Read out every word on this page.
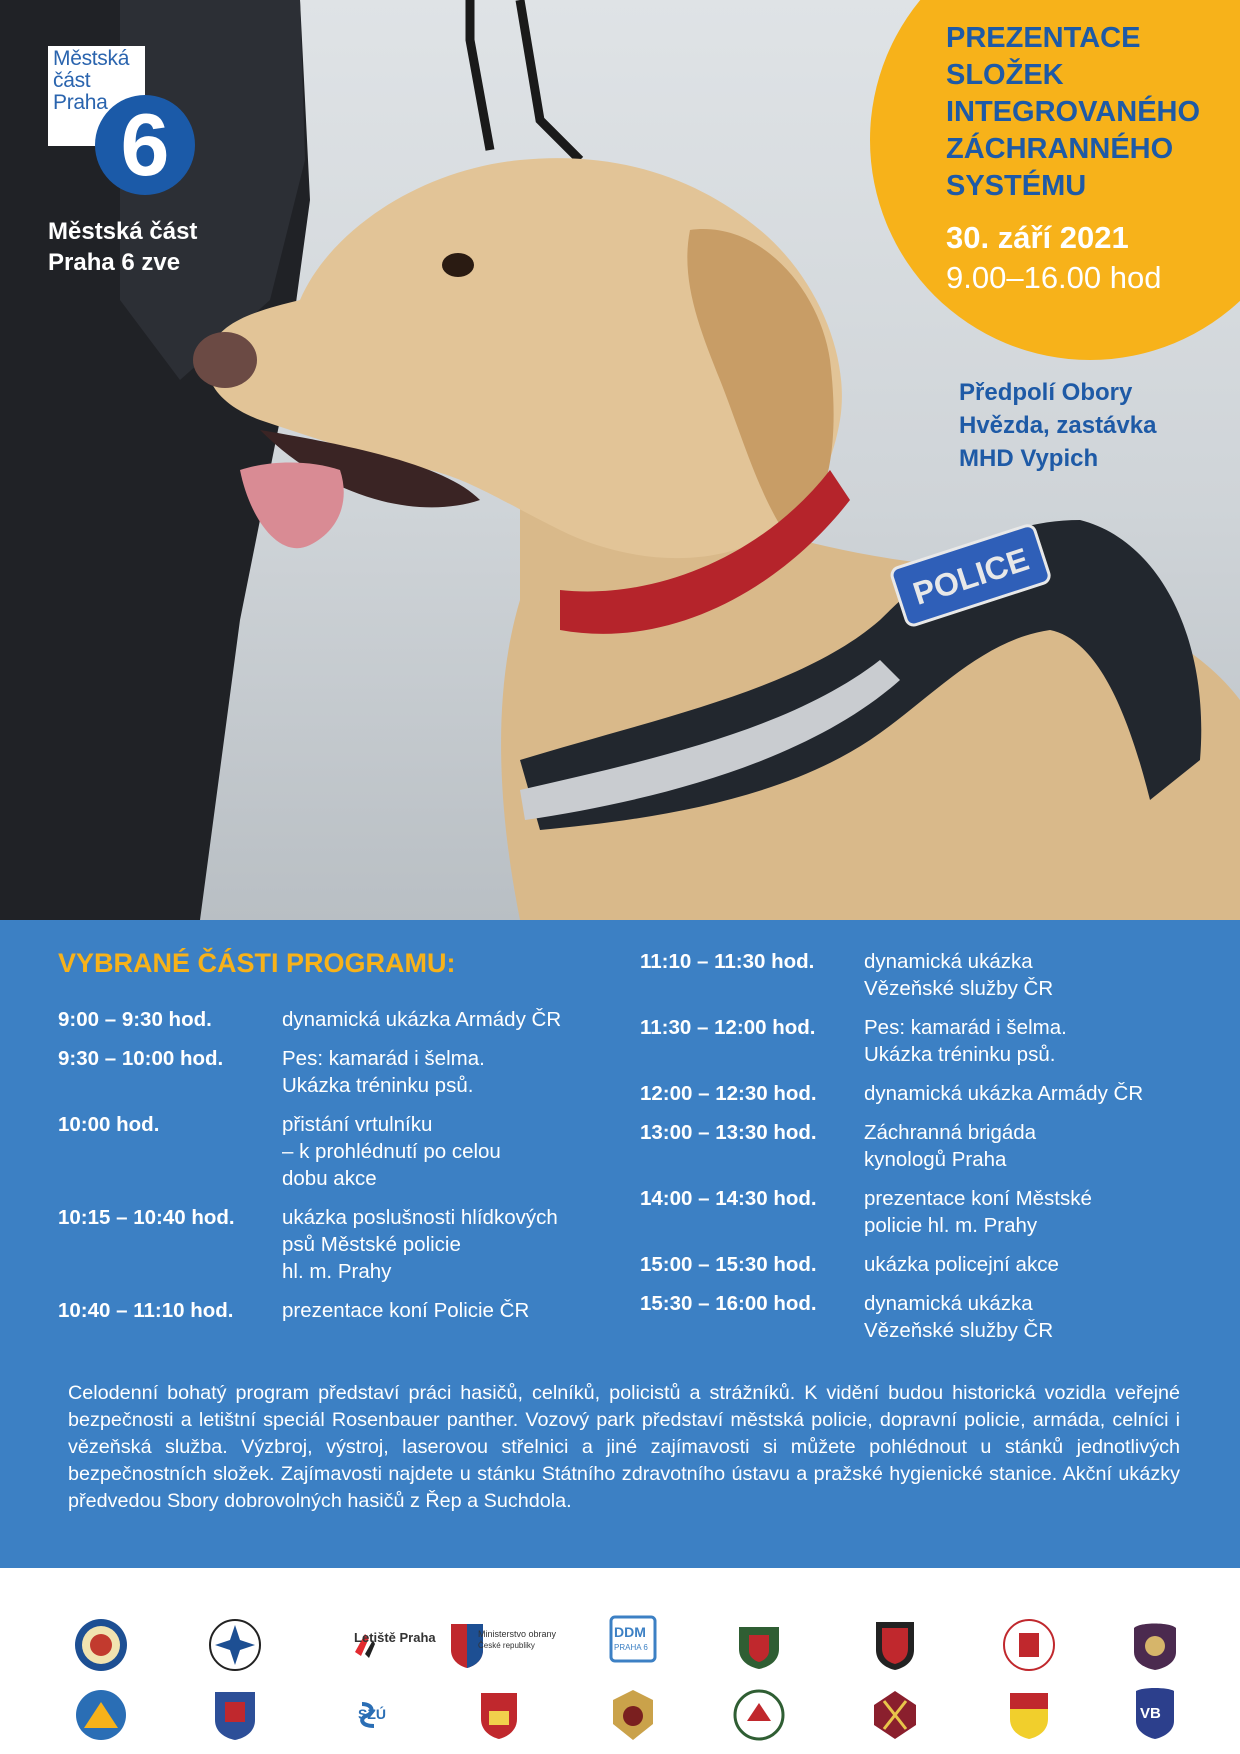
POLICE
Městská
část
Praha 6
Městská část
Praha 6 zve
PREZENTACE
SLOŽEK
INTEGROVANÉHO
ZÁCHRANNÉHO
SYSTÉMU
30. září 2021
9.00–16.00 hod
Předpolí Obory
Hvězda, zastávka
MHD Vypich
VYBRANÉ ČÁSTI PROGRAMU:
9:00 – 9:30 hod.	dynamická ukázka Armády ČR
9:30 – 10:00 hod.	Pes: kamarád i šelma.
Ukázka tréninku psů.
10:00 hod.	přistání vrtulníku
– k prohlédnutí po celou
dobu akce
10:15 – 10:40 hod.	ukázka poslušnosti hlídkových
psů Městské policie
hl. m. Prahy
10:40 – 11:10 hod.	prezentace koní Policie ČR
11:10 – 11:30 hod.	dynamická ukázka
Vězeňské služby ČR
11:30 – 12:00 hod.	Pes: kamarád i šelma.
Ukázka tréninku psů.
12:00 – 12:30 hod.	dynamická ukázka Armády ČR
13:00 – 13:30 hod.	Záchranná brigáda
kynologů Praha
14:00 – 14:30 hod.	prezentace koní Městské
policie hl. m. Prahy
15:00 – 15:30 hod.	ukázka policejní akce
15:30 – 16:00 hod.	dynamická ukázka
Vězeňské služby ČR
Celodenní bohatý program představí práci hasičů, celníků, policistů a strážníků. K vidění budou historická vozidla veřejné bezpečnosti a letištní speciál Rosenbauer panther. Vozový park představí městská policie, dopravní policie, armáda, celníci i vězeňská služba. Výzbroj, výstroj, laserovou střelnici a jiné zajímavosti si můžete pohlédnout u stánků jednotlivých bezpečnostních složek. Zajímavosti najdete u stánku Státního zdravotního ústavu a pražské hygienické stanice. Akční ukázky předvedou Sbory dobrovolných hasičů z Řep a Suchdola.
Letiště Praha	Ministerstvo obrany
České republiky
DDM
PRAHA 6
SZÚ	VB
